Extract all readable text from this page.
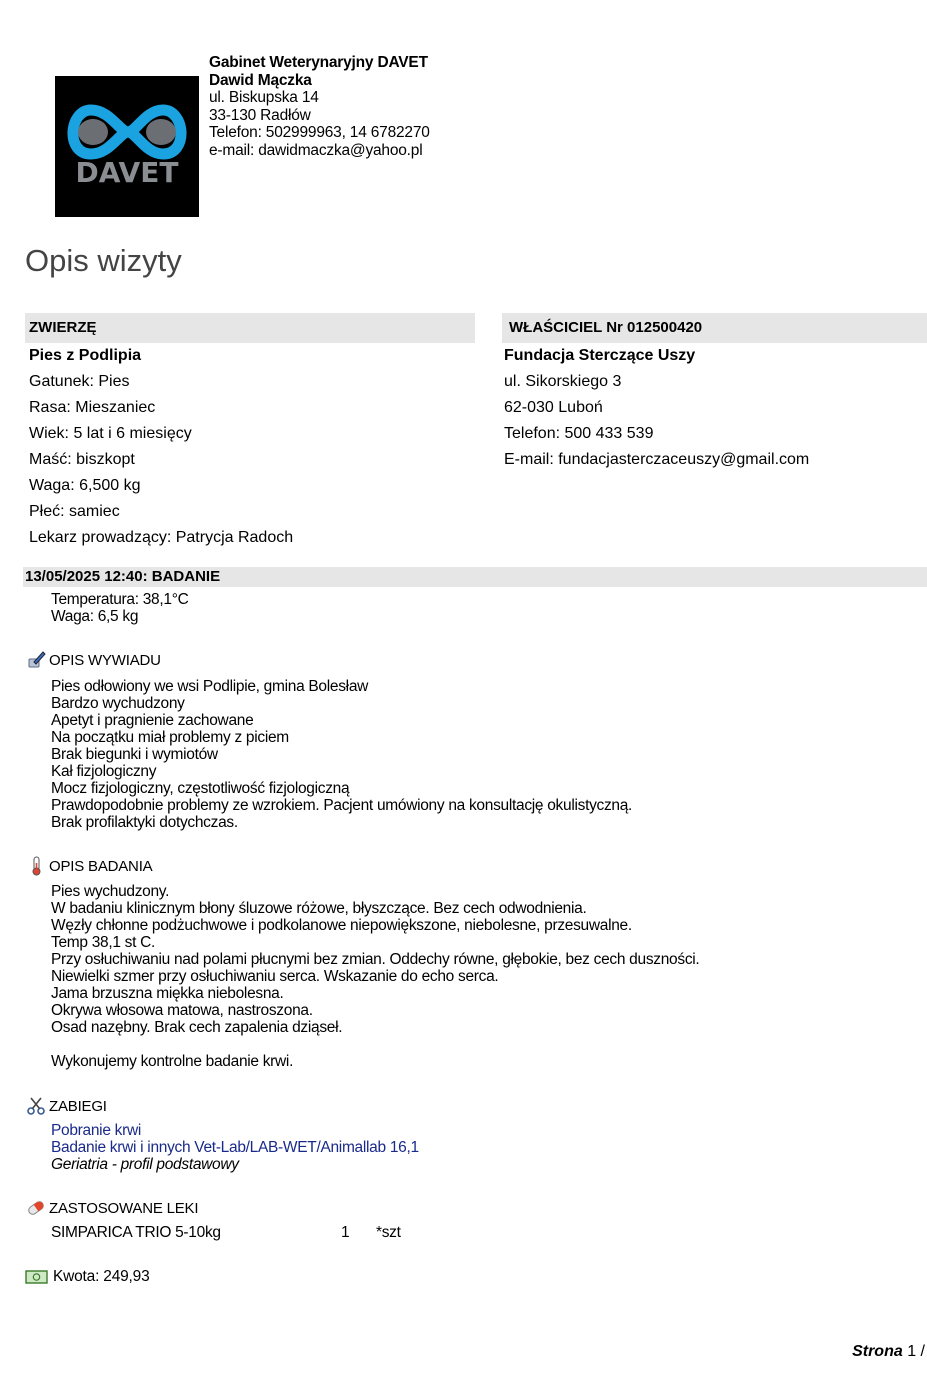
DAVET
Gabinet Weterynaryjny DAVET
Dawid Mączka
ul. Biskupska 14
33-130 Radłów
Telefon: 502999963, 14 6782270
e-mail: dawidmaczka@yahoo.pl
Opis wizyty
ZWIERZĘ
Pies z Podlipia
Gatunek: Pies
Rasa: Mieszaniec
Wiek: 5 lat i 6 miesięcy
Maść: biszkopt
Waga: 6,500 kg
Płeć: samiec
Lekarz prowadzący: Patrycja Radoch
WŁAŚCICIEL Nr 012500420
Fundacja Sterczące Uszy
ul. Sikorskiego 3
62-030 Luboń
Telefon: 500 433 539
E-mail: fundacjasterczaceuszy@gmail.com
13/05/2025 12:40: BADANIE
Temperatura: 38,1°C
Waga: 6,5 kg
OPIS WYWIADU
Pies odłowiony we wsi Podlipie, gmina Bolesław
Bardzo wychudzony
Apetyt i pragnienie zachowane
Na początku miał problemy z piciem
Brak biegunki i wymiotów
Kał fizjologiczny
Mocz fizjologiczny, częstotliwość fizjologiczną
Prawdopodobnie problemy ze wzrokiem. Pacjent umówiony na konsultację okulistyczną.
Brak profilaktyki dotychczas.
OPIS BADANIA
Pies wychudzony.
W badaniu klinicznym błony śluzowe różowe, błyszczące. Bez cech odwodnienia.
Węzły chłonne podżuchwowe i podkolanowe niepowiększone, niebolesne, przesuwalne.
Temp 38,1 st C.
Przy osłuchiwaniu nad polami płucnymi bez zmian. Oddechy równe, głębokie, bez cech duszności.
Niewielki szmer przy osłuchiwaniu serca. Wskazanie do echo serca.
Jama brzuszna miękka niebolesna.
Okrywa włosowa matowa, nastroszona.
Osad nazębny. Brak cech zapalenia dziąseł.
Wykonujemy kontrolne badanie krwi.
ZABIEGI
Pobranie krwi
Badanie krwi i innych Vet-Lab/LAB-WET/Animallab 16,1
Geriatria - profil podstawowy
ZASTOSOWANE LEKI
SIMPARICA TRIO 5-10kg	1 *szt
Kwota: 249,93
Strona 1 /
